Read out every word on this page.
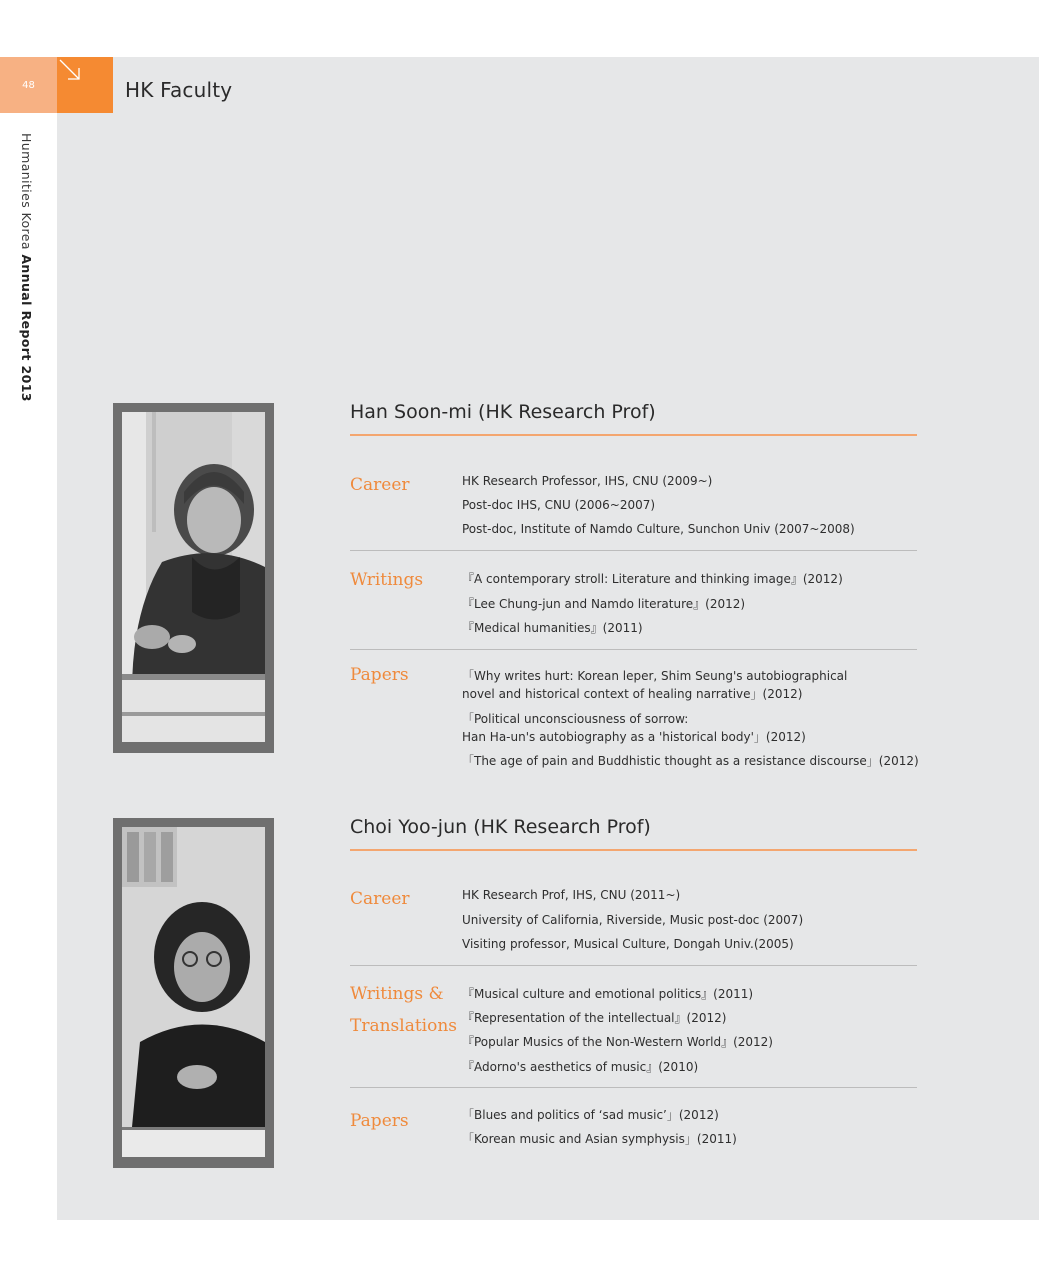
48	HK Faculty
Humanities Korea Annual Report 2013
Han Soon-mi (HK Research Prof)
Career	HK Research Professor, IHS, CNU (2009~)
Post-doc IHS, CNU (2006~2007)
Post-doc, Institute of Namdo Culture, Sunchon Univ (2007~2008)
Writings	『A contemporary stroll: Literature and thinking image』(2012)
『Lee Chung-jun and Namdo literature』(2012)
『Medical humanities』(2011)
Papers	「Why writes hurt: Korean leper, Shim Seung's autobiographical
novel and historical context of healing narrative」(2012)
「Political unconsciousness of sorrow:
Han Ha-un's autobiography as a 'historical body'」(2012)
「The age of pain and Buddhistic thought as a resistance discourse」(2012)
Choi Yoo-jun (HK Research Prof)
Career	HK Research Prof, IHS, CNU (2011~)
University of California, Riverside, Music post-doc (2007)
Visiting professor, Musical Culture, Dongah Univ.(2005)
Writings &
Translations
『Musical culture and emotional politics』(2011)
『Representation of the intellectual』(2012)
『Popular Musics of the Non-Western World』(2012)
『Adorno's aesthetics of music』(2010)
Papers	「Blues and politics of ‘sad music’」(2012)
「Korean music and Asian symphysis」(2011)
